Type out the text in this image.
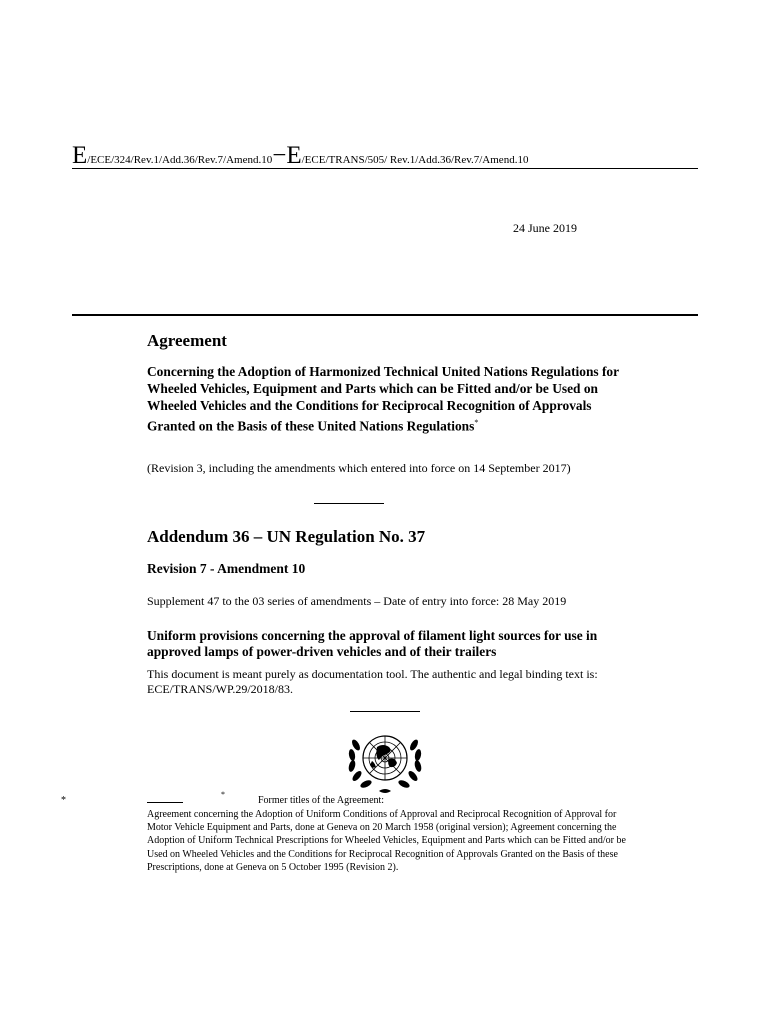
E/ECE/324/Rev.1/Add.36/Rev.7/Amend.10−E/ECE/TRANS/505/ Rev.1/Add.36/Rev.7/Amend.10
24 June 2019
Agreement
Concerning the Adoption of Harmonized Technical United Nations Regulations for Wheeled Vehicles, Equipment and Parts which can be Fitted and/or be Used on Wheeled Vehicles and the Conditions for Reciprocal Recognition of Approvals Granted on the Basis of these United Nations Regulations*
(Revision 3, including the amendments which entered into force on 14 September 2017)
Addendum 36 – UN Regulation No. 37
Revision 7 - Amendment 10
Supplement 47 to the 03 series of amendments – Date of entry into force: 28 May 2019
Uniform provisions concerning the approval of filament light sources for use in approved lamps of power-driven vehicles and of their trailers
This document is meant purely as documentation tool. The authentic and legal binding text is: ECE/TRANS/WP.29/2018/83.
*
*
Former titles of the Agreement:
Agreement concerning the Adoption of Uniform Conditions of Approval and Reciprocal Recognition of Approval for Motor Vehicle Equipment and Parts, done at Geneva on 20 March 1958 (original version); Agreement concerning the Adoption of Uniform Technical Prescriptions for Wheeled Vehicles, Equipment and Parts which can be Fitted and/or be Used on Wheeled Vehicles and the Conditions for Reciprocal Recognition of Approvals Granted on the Basis of these Prescriptions, done at Geneva on 5 October 1995 (Revision 2).
